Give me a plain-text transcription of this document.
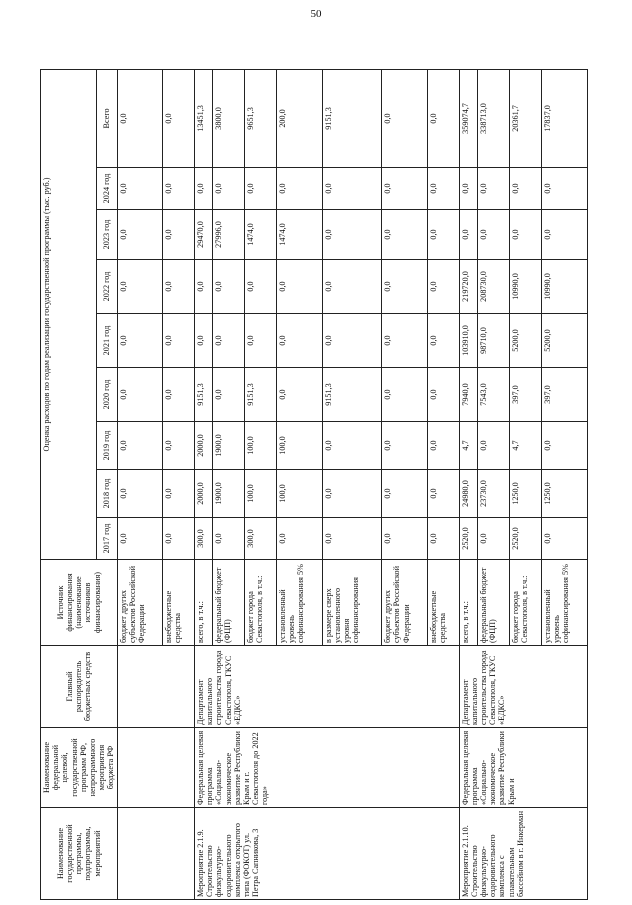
50
Наименование государственной программы, подпрограммы, мероприятий	Наименование федеральной целевой, государственной программ РФ, непрограммного мероприятия бюджета РФ	Главный распорядитель бюджетных средств	Источник финансирования (наименование источников финансирования)	Оценка расходов по годам реализации государственной программы (тыс. руб.)								
				2017 год	2018 год	2019 год	2020 год	2021 год	2022 год	2023 год	2024 год	Всего
			бюджет других субъектов Российской Федерации	0,0	0,0	0,0	0,0	0,0	0,0	0,0	0,0	0,0
			внебюджетные средства	0,0	0,0	0,0	0,0	0,0	0,0	0,0	0,0	0,0
Мероприятие 2.1.9. Строительство физкультурно-оздоровительного комплекса открытого типа (ФОКОТ) ул. Петра Сапникова, 3	Федеральная целевая программа «Социально-экономическое развитие Республики Крым и г. Севастополя до 2022 года»	Департамент капитального строительства города Севастополя, ГКУС «ЕДКС»	всего, в т.ч.:	300,0	2000,0	2000,0	9151,3	0,0	0,0	29470,0	0,0	13451,3
			федеральный бюджет (ФЦП)	0,0	1900,0	1900,0	0,0	0,0	0,0	27996,0	0,0	3800,0
			бюджет города Севастополя, в т.ч.:	300,0	100,0	100,0	9151,3	0,0	0,0	1474,0	0,0	9651,3
			установленный уровень софинансирования 5%	0,0	100,0	100,0	0,0	0,0	0,0	1474,0	0,0	200,0
			в размере сверх установленного уровня софинансирования	0,0	0,0	0,0	9151,3	0,0	0,0	0,0	0,0	9151,3
			бюджет других субъектов Российской Федерации	0,0	0,0	0,0	0,0	0,0	0,0	0,0	0,0	0,0
			внебюджетные средства	0,0	0,0	0,0	0,0	0,0	0,0	0,0	0,0	0,0
Мероприятие 2.1.10. Строительство физкультурно-оздоровительного комплекса с плавательным бассейном в г. Инкерман	Федеральная целевая программа «Социально-экономическое развитие Республики Крым и	Департамент капитального строительства города Севастополя, ГКУС «ЕДКС»	всего, в т.ч.:	2520,0	24980,0	4,7	7940,0	103910,0	219720,0	0,0	0,0	359074,7
			федеральный бюджет (ФЦП)	0,0	23730,0	0,0	7543,0	98710,0	208730,0	0,0	0,0	338713,0
			бюджет города Севастополя, в т.ч.:	2520,0	1250,0	4,7	397,0	5200,0	10990,0	0,0	0,0	20361,7
			установленный уровень софинансирования 5%	0,0	1250,0	0,0	397,0	5200,0	10990,0	0,0	0,0	17837,0
